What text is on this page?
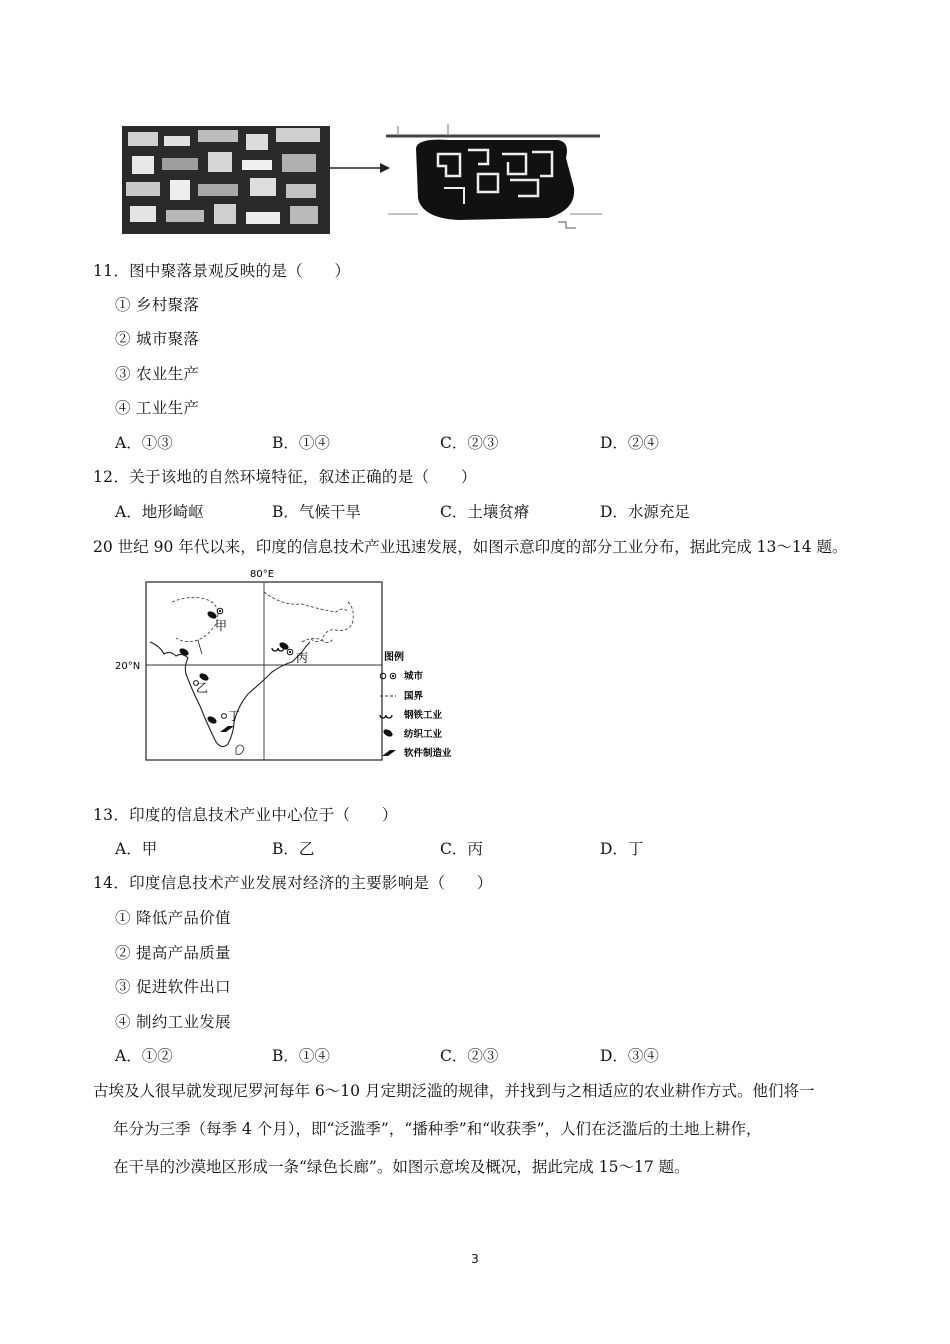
11．图中聚落景观反映的是（　　）
① 乡村聚落
② 城市聚落
③ 农业生产
④ 工业生产
A．①③	B．①④	C．②③	D．②④
12．关于该地的自然环境特征，叙述正确的是（　　）
A．地形崎岖	B．气候干旱	C．土壤贫瘠	D．水源充足
20 世纪 90 年代以来，印度的信息技术产业迅速发展，如图示意印度的部分工业分布，据此完成 13～14 题。
80°E
20°N
甲
乙
丙
丁
图例
城市
国界
钢铁工业
纺织工业
软件制造业
13．印度的信息技术产业中心位于（　　）
A．甲	B．乙	C．丙	D．丁
14．印度信息技术产业发展对经济的主要影响是（　　）
① 降低产品价值
② 提高产品质量
③ 促进软件出口
④ 制约工业发展
A．①②	B．①④	C．②③	D．③④
古埃及人很早就发现尼罗河每年 6～10 月定期泛滥的规律，并找到与之相适应的农业耕作方式。他们将一
年分为三季（每季 4 个月），即“泛滥季”，“播种季”和“收获季”，人们在泛滥后的土地上耕作，
在干旱的沙漠地区形成一条“绿色长廊”。如图示意埃及概况，据此完成 15～17 题。
3
